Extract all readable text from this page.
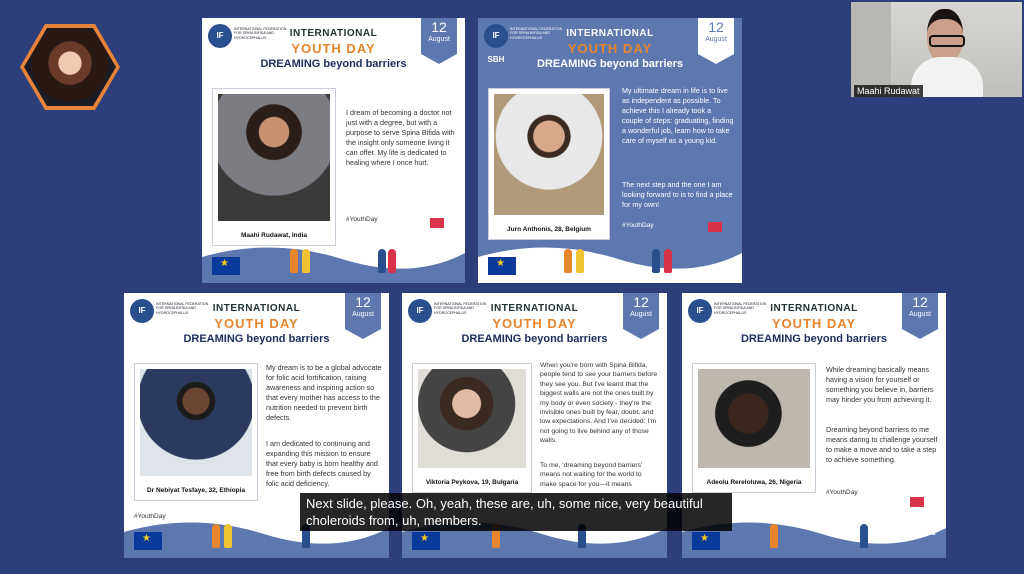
Maahi Rudawat
IF SBH
INTERNATIONAL FEDERATION FOR SPINA BIFIDA AND HYDROCEPHALUS	INTERNATIONAL
YOUTH DAY
DREAMING beyond barriers
12
August
Maahi Rudawat, India
I dream of becoming a doctor not just with a degree, but with a purpose to serve Spina Bifida with the insight only someone living it can offer. My life is dedicated to healing where I once hurt.
#YouthDay
★
IF SBH
INTERNATIONAL FEDERATION FOR SPINA BIFIDA AND HYDROCEPHALUS	INTERNATIONAL
YOUTH DAY
DREAMING beyond barriers
12
August
Jurn Anthonis, 28, Belgium
My ultimate dream in life is to live as independent as possible. To achieve this I already took a couple of steps: graduating, finding a wonderful job, learn how to take care of myself as a young kid.
The next step and the one I am looking forward to is to find a place for my own!
#YouthDay
★
IF SBH
INTERNATIONAL FEDERATION FOR SPINA BIFIDA AND HYDROCEPHALUS	INTERNATIONAL
YOUTH DAY
DREAMING beyond barriers
12
August
Dr Nebiyat Tesfaye, 32, Ethiopia
My dream is to be a global advocate for folic acid fortification, raising awareness and inspiring action so that every mother has access to the nutrition needed to prevent birth defects.
I am dedicated to continuing and expanding this mission to ensure that every baby is born healthy and free from birth defects caused by folic acid deficiency.
#YouthDay
★
IF SBH
INTERNATIONAL FEDERATION FOR SPINA BIFIDA AND HYDROCEPHALUS	INTERNATIONAL
YOUTH DAY
DREAMING beyond barriers
12
August
Viktoria Peykova, 19, Bulgaria
When you're born with Spina Bifida, people tend to see your barriers before they see you. But I've learnt that the biggest walls are not the ones built by my body or even society - they're the invisible ones built by fear, doubt, and low expectations. And I've decided: I'm not going to live behind any of those walls.
To me, 'dreaming beyond barriers' means not waiting for the world to make space for you—it means
★
IF SBH
INTERNATIONAL FEDERATION FOR SPINA BIFIDA AND HYDROCEPHALUS	INTERNATIONAL
YOUTH DAY
DREAMING beyond barriers
12
August
Adeolu Rereloluwa, 26, Nigeria
While dreaming basically means having a vision for yourself or something you believe in, barriers may hinder you from achieving it.
Dreaming beyond barriers to me means daring to challenge yourself to make a move and to take a step to achieve something.
#YouthDay
★
Next slide, please. Oh, yeah, these are, uh, some nice, very beautiful choleroids from, uh, members.	zoom
